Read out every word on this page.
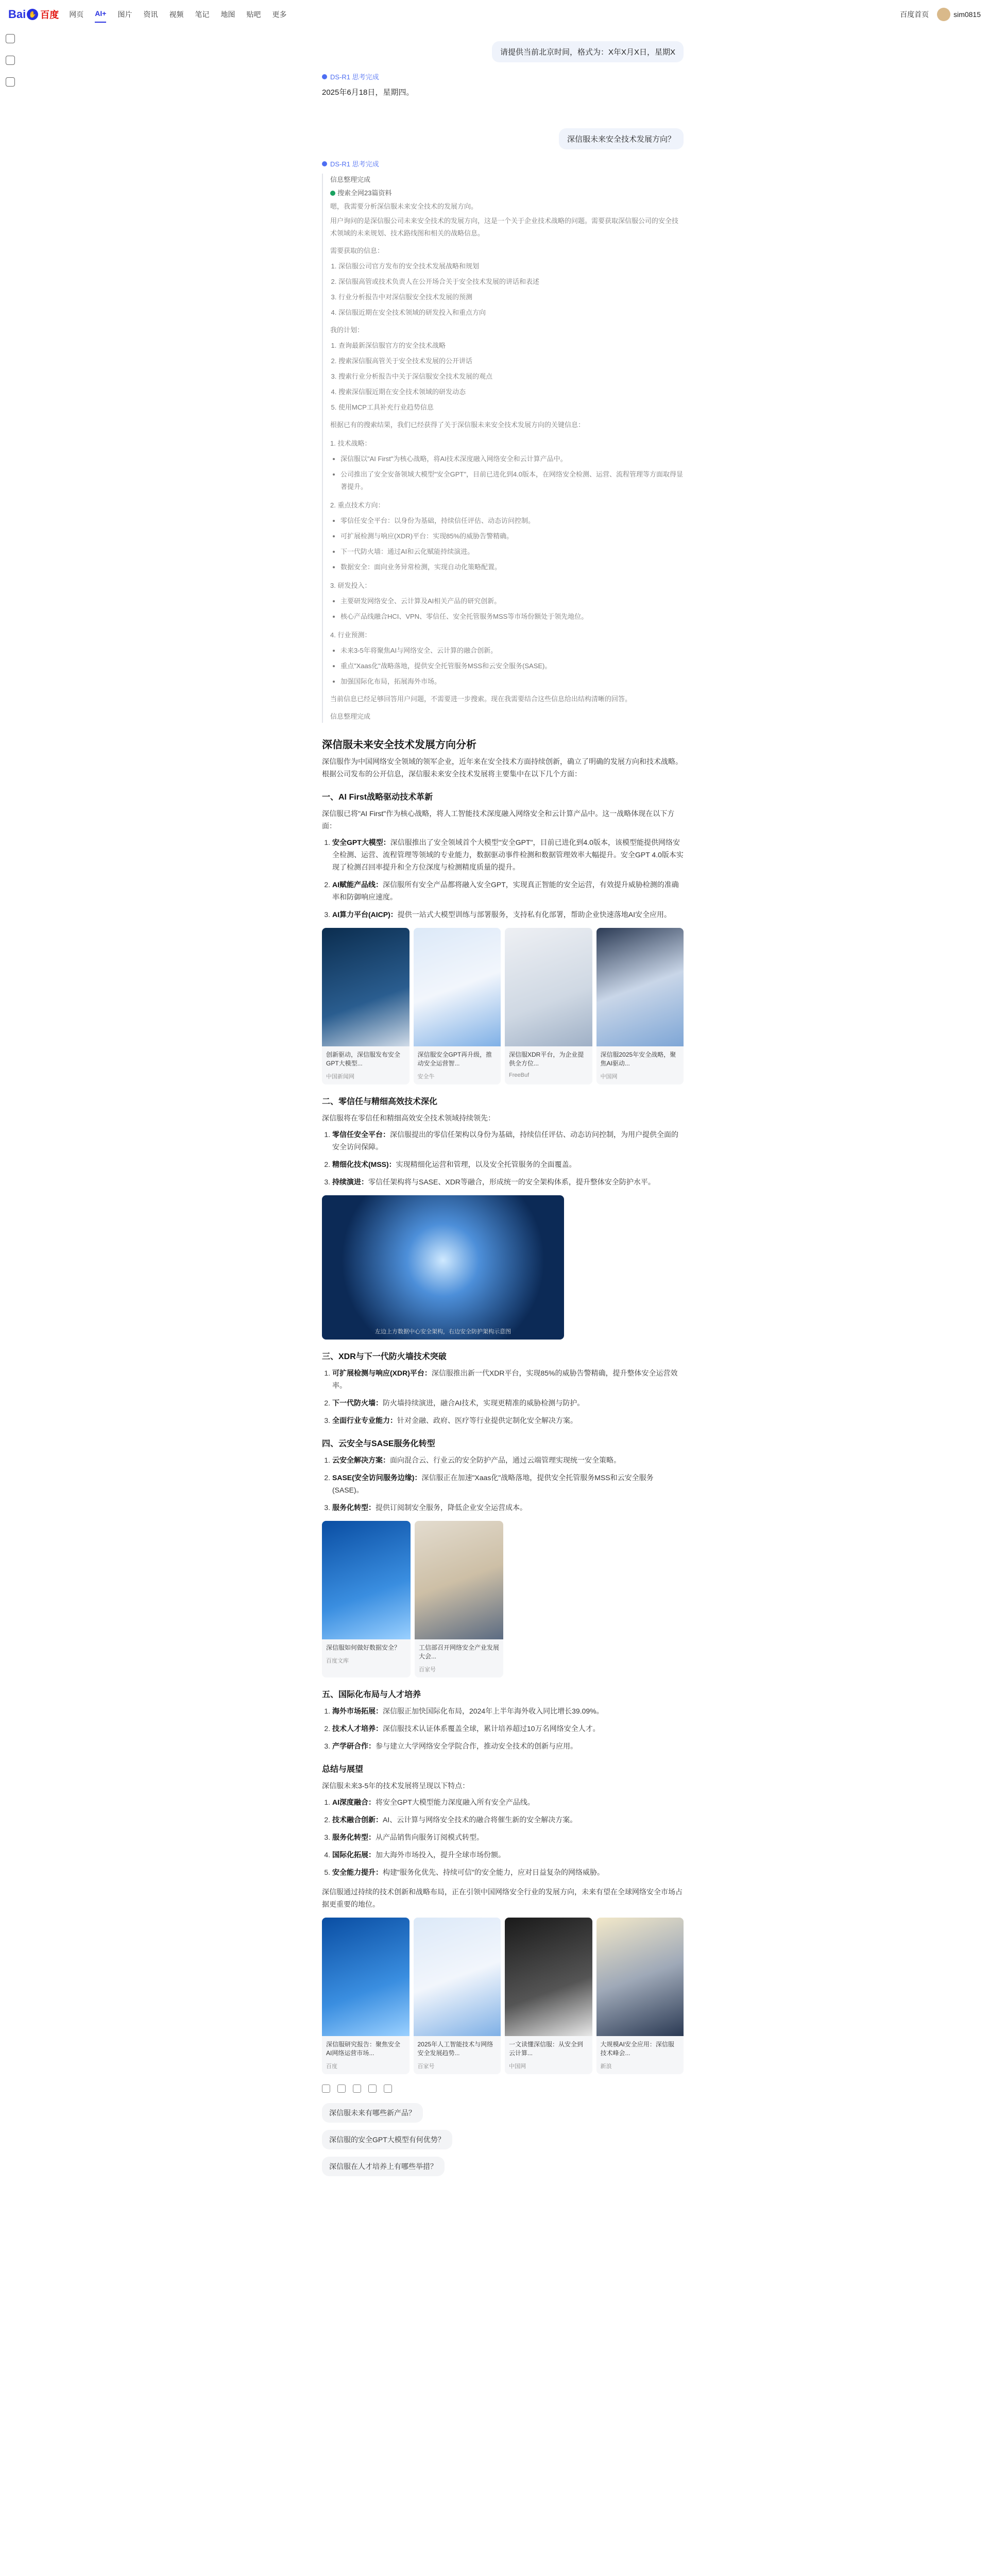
Bai ✋ 百度 网页 AI+ 图片 资讯 视频 笔记 地图 贴吧 更多	百度首页	sim0815
请提供当前北京时间，格式为：X年X月X日，星期X
DS-R1 思考完成
2025年6月18日，星期四。
深信服未来安全技术发展方向？
DS-R1 思考完成
信息整理完成
搜索全网23篇资料
嗯，我需要分析深信服未来安全技术的发展方向。

用户询问的是深信服公司未来安全技术的发展方向，这是一个关于企业技术战略的问题。需要获取深信服公司的安全技术领域的未来规划、技术路线图和相关的战略信息。

需要获取的信息：
1. 深信服公司官方发布的安全技术发展战略和规划
2. 深信服高管或技术负责人在公开场合关于安全技术发展的讲话和表述
3. 行业分析报告中对深信服安全技术发展的预测
4. 深信服近期在安全技术领域的研发投入和重点方向
我的计划：
1. 查询最新深信服官方的安全技术战略
2. 搜索深信服高管关于安全技术发展的公开讲话
3. 搜索行业分析报告中关于深信服安全技术发展的观点
4. 搜索深信服近期在安全技术领域的研发动态
5. 使用MCP工具补充行业趋势信息

根据已有的搜索结果，我们已经获得了关于深信服未来安全技术发展方向的关键信息：

1. 技术战略：
• 深信服以"AI First"为核心战略，将AI技术深度融入网络安全和云计算产品中。
• 公司推出了安全安备领域大模型"安全GPT"，目前已进化到4.0版本，在网络安全检测、运营、流程管理等方面取得显著提升。
2. 重点技术方向：
• 零信任安全平台：以身份为基础，持续信任评估、动态访问控制。
• 可扩展检测与响应(XDR)平台：实现85%的威胁告警精确。
• 下一代防火墙：通过AI和云化赋能持续演进。
• 数据安全：面向业务异常检测，实现自动化策略配置。
3. 研发投入：
• 主要研发网络安全、云计算及AI相关产品的研究创新。
• 核心产品线融合HCI、VPN、零信任、安全托管服务MSS等市场份额处于领先地位。
4. 行业预测：
• 未来3-5年将聚焦AI与网络安全、云计算的融合创新。
• 重点"Xaas化"战略落地，提供安全托管服务MSS和云安全服务(SASE)。
• 加强国际化布局，拓展海外市场。

当前信息已经足够回答用户问题，不需要进一步搜索。现在我需要结合这些信息给出结构清晰的回答。

信息整理完成
深信服未来安全技术发展方向分析

深信服作为中国网络安全领域的领军企业，近年来在安全技术方面持续创新，确立了明确的发展方向和技术战略。根据公司发布的公开信息，深信服未来安全技术发展将主要集中在以下几个方面：

一、AI First战略驱动技术革新

深信服已将"AI First"作为核心战略，将人工智能技术深度融入网络安全和云计算产品中。这一战略体现在以下方面：

1. 安全GPT大模型：深信服推出了安全领域首个大模型"安全GPT"，目前已进化到4.0版本，该模型能提供网络安全检测、运营、流程管理等领域的专业能力，数据驱动事件检测和数据管理效率大幅提升。安全GPT 4.0版本实现了检测召回率提升和全方位深度与检测精度质量的提升。
2. AI赋能产品线：深信服所有安全产品都将融入安全GPT，实现真正智能的安全运营，有效提升威胁检测的准确率和防御响应速度。
3. AI算力平台(AICP)：提供一站式大模型训练与部署服务，支持私有化部署，帮助企业快速落地AI安全应用。
创新驱动，深信服发布安全GPT大模型...
中国新闻网
深信服安全GPT再升级，推动安全运营智...
安全牛
深信服XDR平台，为企业提供全方位...
FreeBuf
深信服2025年安全战略，聚焦AI驱动...
中国网
二、零信任与精细高效技术深化

深信服将在零信任和精细高效安全技术领域持续领先：

1. 零信任安全平台：深信服提出的零信任架构以身份为基础，持续信任评估、动态访问控制，为用户提供全面的安全访问保障。
2. 精细化技术(MSS)：实现精细化运营和管理，以及安全托管服务的全面覆盖。
3. 持续演进：零信任架构将与SASE、XDR等融合，形成统一的安全架构体系，提升整体安全防护水平。
左边上方数据中心安全架构，右边安全防护架构示意图
三、XDR与下一代防火墙技术突破
1. 可扩展检测与响应(XDR)平台：深信服推出新一代XDR平台，实现85%的威胁告警精确，提升整体安全运营效率。
2. 下一代防火墙：防火墙持续演进，融合AI技术，实现更精准的威胁检测与防护。
3. 全面行业专业能力：针对金融、政府、医疗等行业提供定制化安全解决方案。
四、云安全与SASE服务化转型
1. 云安全解决方案：面向混合云、行业云的安全防护产品，通过云端管理实现统一安全策略。
2. SASE(安全访问服务边缘)：深信服正在加速"Xaas化"战略落地，提供安全托管服务MSS和云安全服务(SASE)。
3. 服务化转型：提供订阅制安全服务，降低企业安全运营成本。
深信服如何做好数据安全？
百度文库
工信部召开网络安全产业发展大会...
百家号
五、国际化布局与人才培养
1. 海外市场拓展：深信服正加快国际化布局，2024年上半年海外收入同比增长39.09%。
2. 技术人才培养：深信服技术认证体系覆盖全球，累计培养超过10万名网络安全人才。
3. 产学研合作：参与建立大学网络安全学院合作，推动安全技术的创新与应用。
总结与展望

深信服未来3-5年的技术发展将呈现以下特点：

1. AI深度融合：将安全GPT大模型能力深度融入所有安全产品线。
2. 技术融合创新：AI、云计算与网络安全技术的融合将催生新的安全解决方案。
3. 服务化转型：从产品销售向服务订阅模式转型。
4. 国际化拓展：加大海外市场投入，提升全球市场份额。
5. 安全能力提升：构建"服务化优先、持续可信"的安全能力，应对日益复杂的网络威胁。

深信服通过持续的技术创新和战略布局，正在引领中国网络安全行业的发展方向，未来有望在全球网络安全市场占据更重要的地位。

深信服研究报告：聚焦安全AI网络运营市场...
百度
2025年人工智能技术与网络安全发展趋势...
百家号
一文读懂深信服：从安全到云计算...
中国网
大规模AI安全应用：深信服技术峰会...
新浪
深信服未来有哪些新产品？
深信服的安全GPT大模型有何优势？
深信服在人才培养上有哪些举措？
